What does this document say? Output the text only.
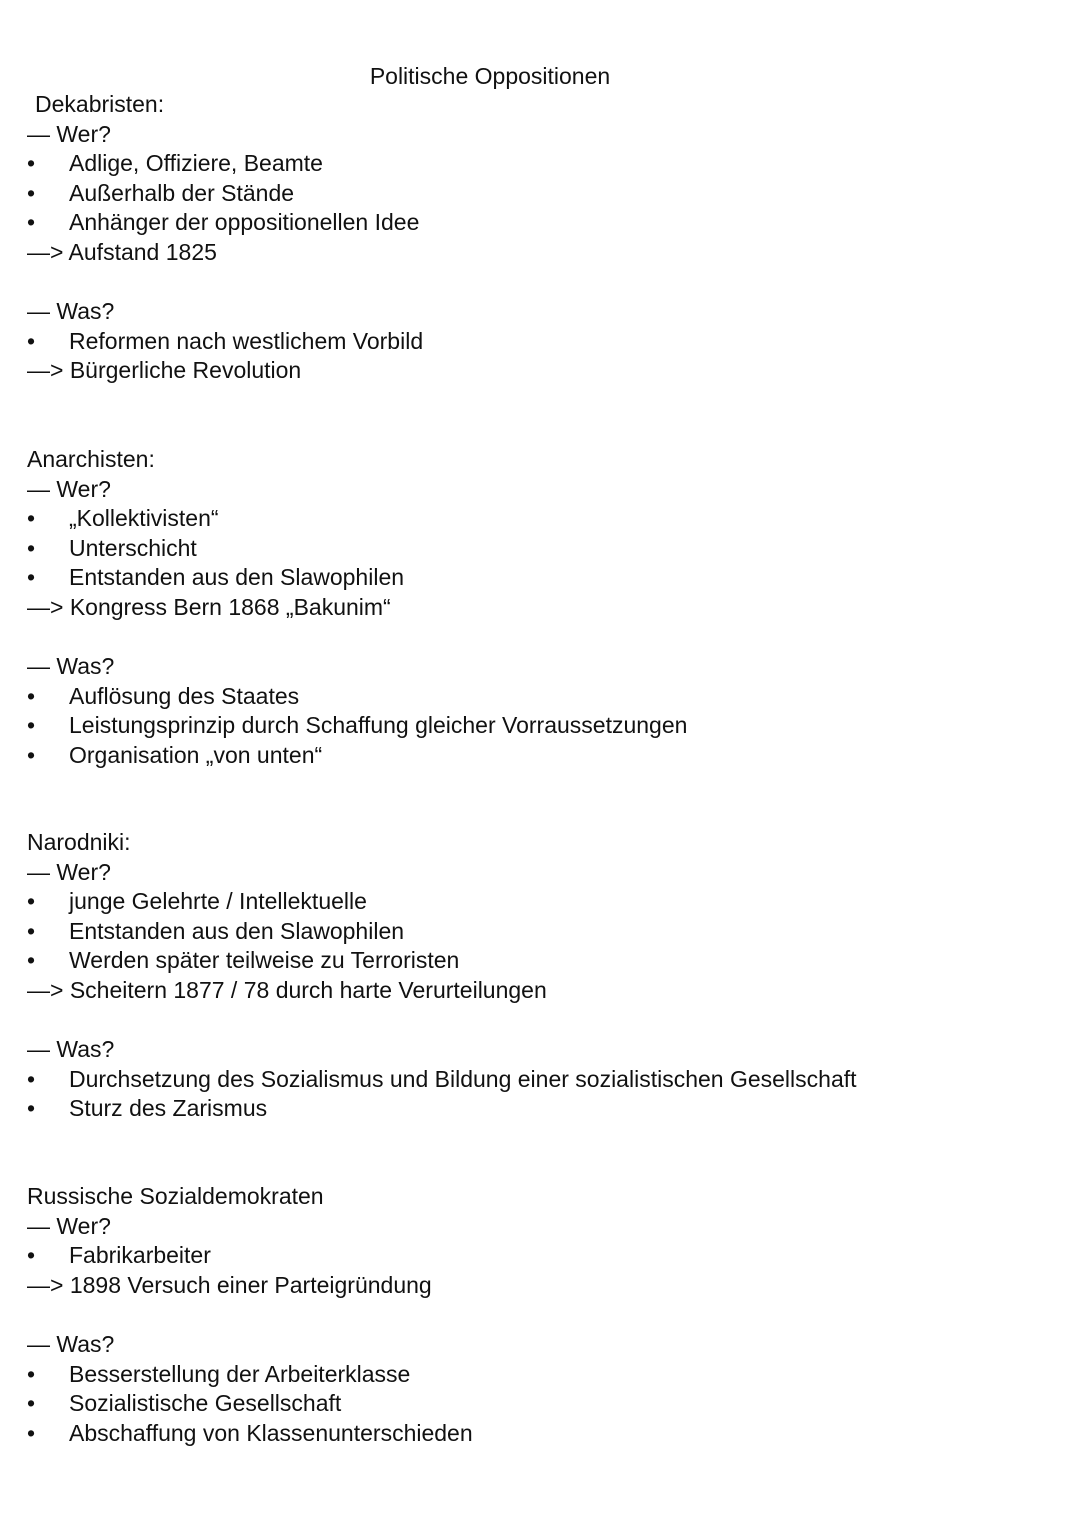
Politische Oppositionen
Dekabristen:
— Wer?
• Adlige, Offiziere, Beamte
• Außerhalb der Stände
• Anhänger der oppositionellen Idee
—> Aufstand 1825
— Was?
• Reformen nach westlichem Vorbild
—> Bürgerliche Revolution
Anarchisten:
— Wer?
• „Kollektivisten“
• Unterschicht
• Entstanden aus den Slawophilen
—> Kongress Bern 1868 „Bakunim“
— Was?
• Auflösung des Staates
• Leistungsprinzip durch Schaffung gleicher Vorraussetzungen
• Organisation „von unten“
Narodniki:
— Wer?
• junge Gelehrte / Intellektuelle
• Entstanden aus den Slawophilen
• Werden später teilweise zu Terroristen
—> Scheitern 1877 / 78 durch harte Verurteilungen
— Was?
• Durchsetzung des Sozialismus und Bildung einer sozialistischen Gesellschaft
• Sturz des Zarismus
Russische Sozialdemokraten
— Wer?
• Fabrikarbeiter
—> 1898 Versuch einer Parteigründung
— Was?
• Besserstellung der Arbeiterklasse
• Sozialistische Gesellschaft
• Abschaffung von Klassenunterschieden
